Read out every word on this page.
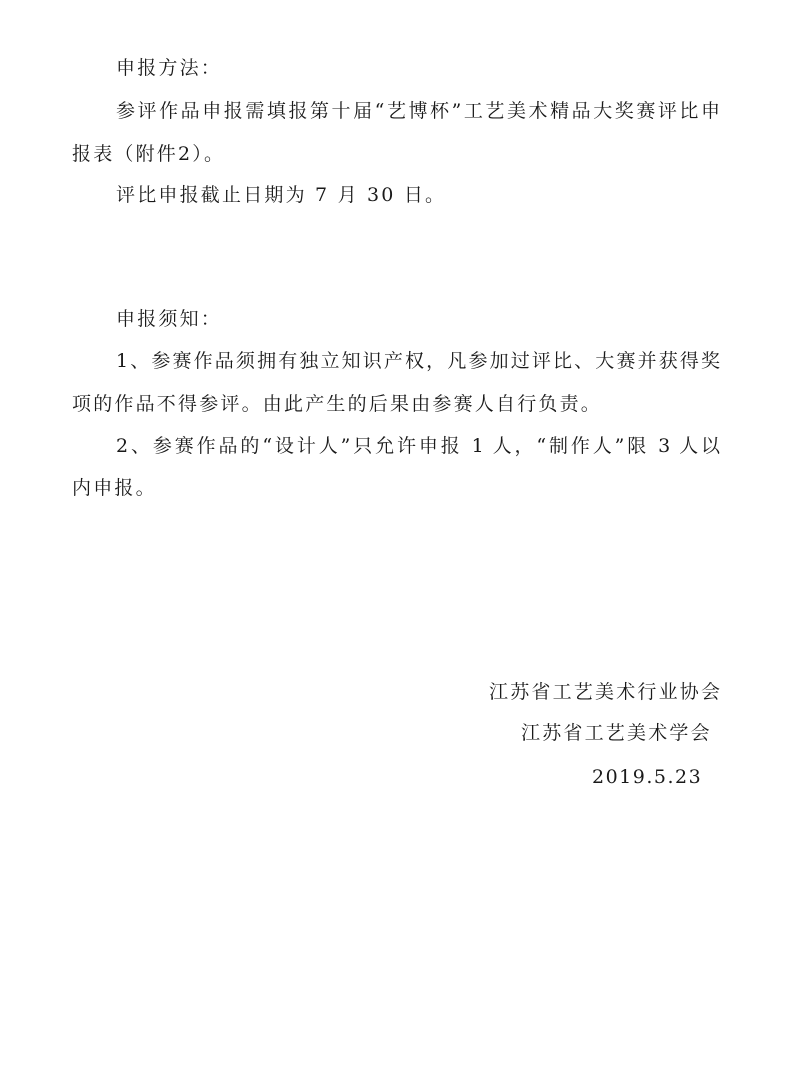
申报方法：
参评作品申报需填报第十届“艺博杯”工艺美术精品大奖赛评比申
报表（附件2）。
评比申报截止日期为 7 月 30 日。
申报须知：
1、参赛作品须拥有独立知识产权，凡参加过评比、大赛并获得奖
项的作品不得参评。由此产生的后果由参赛人自行负责。
2、参赛作品的“设计人”只允许申报 1 人，“制作人”限 3 人以
内申报。
江苏省工艺美术行业协会
江苏省工艺美术学会
2019.5.23
